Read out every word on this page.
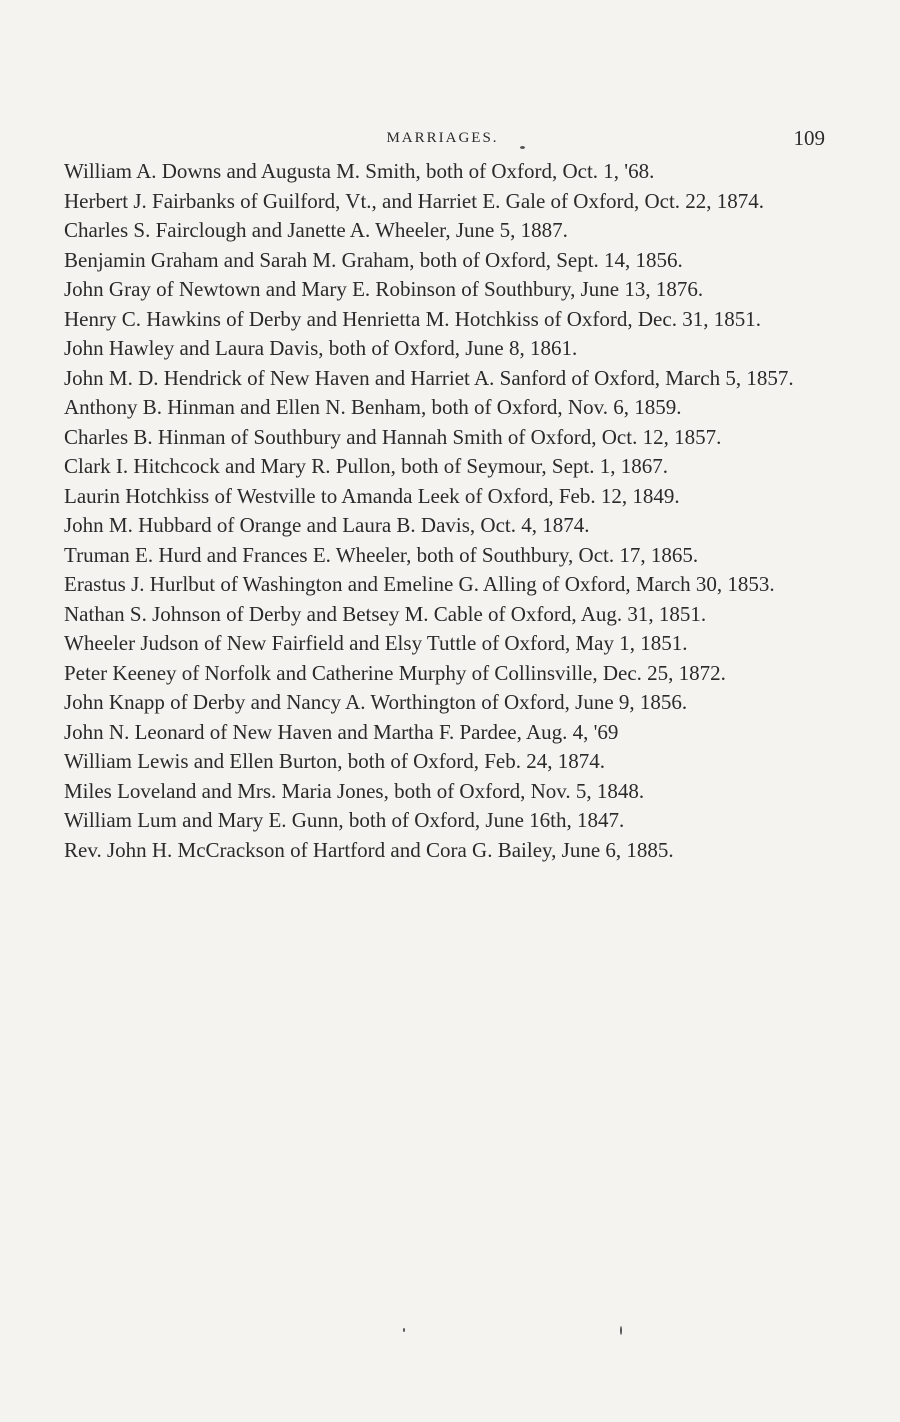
MARRIAGES.	109

William A. Downs and Augusta M. Smith, both of Oxford, Oct. 1, '68.

Herbert J. Fairbanks of Guilford, Vt., and Harriet E. Gale of Oxford, Oct. 22, 1874.

Charles S. Fairclough and Janette A. Wheeler, June 5, 1887.

Benjamin Graham and Sarah M. Graham, both of Oxford, Sept. 14, 1856.

John Gray of Newtown and Mary E. Robinson of Southbury, June 13, 1876.

Henry C. Hawkins of Derby and Henrietta M. Hotchkiss of Oxford, Dec. 31, 1851.

John Hawley and Laura Davis, both of Oxford, June 8, 1861.

John M. D. Hendrick of New Haven and Harriet A. Sanford of Oxford, March 5, 1857.

Anthony B. Hinman and Ellen N. Benham, both of Oxford, Nov. 6, 1859.

Charles B. Hinman of Southbury and Hannah Smith of Oxford, Oct. 12, 1857.

Clark I. Hitchcock and Mary R. Pullon, both of Seymour, Sept. 1, 1867.

Laurin Hotchkiss of Westville to Amanda Leek of Oxford, Feb. 12, 1849.

John M. Hubbard of Orange and Laura B. Davis, Oct. 4, 1874.

Truman E. Hurd and Frances E. Wheeler, both of Southbury, Oct. 17, 1865.

Erastus J. Hurlbut of Washington and Emeline G. Alling of Oxford, March 30, 1853.

Nathan S. Johnson of Derby and Betsey M. Cable of Oxford, Aug. 31, 1851.

Wheeler Judson of New Fairfield and Elsy Tuttle of Oxford, May 1, 1851.

Peter Keeney of Norfolk and Catherine Murphy of Collinsville, Dec. 25, 1872.

John Knapp of Derby and Nancy A. Worthington of Oxford, June 9, 1856.

John N. Leonard of New Haven and Martha F. Pardee, Aug. 4, '69

William Lewis and Ellen Burton, both of Oxford, Feb. 24, 1874.

Miles Loveland and Mrs. Maria Jones, both of Oxford, Nov. 5, 1848.

William Lum and Mary E. Gunn, both of Oxford, June 16th, 1847.

Rev. John H. McCrackson of Hartford and Cora G. Bailey, June 6, 1885.
